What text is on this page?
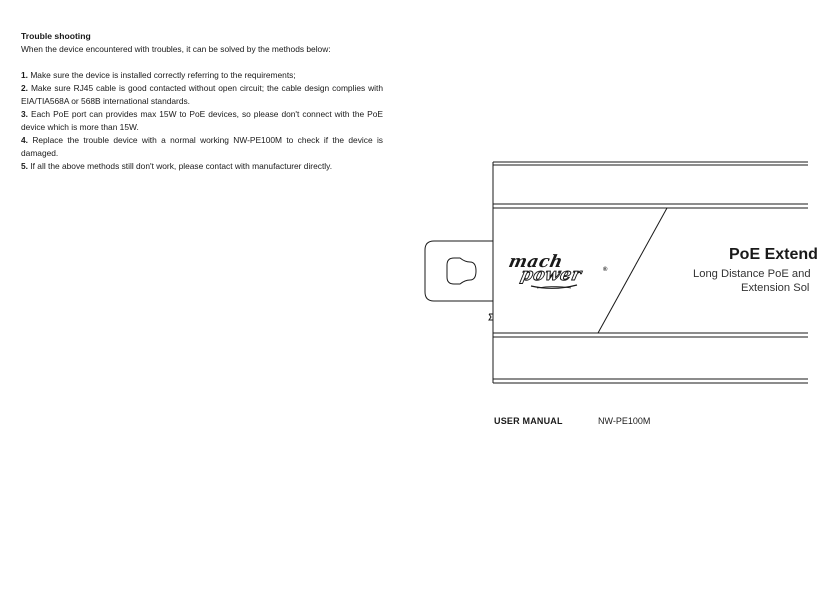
Trouble shooting

When the device encountered with troubles, it can be solved by the methods below:

1. Make sure the device is installed correctly referring to the requirements;
2. Make sure RJ45 cable is good contacted without open circuit; the cable design complies with EIA/TIA568A or 568B international standards.
3. Each PoE port can provides max 15W to PoE devices, so please don't connect with the PoE device which is more than 15W.
4. Replace the trouble device with a normal working NW-PE100M to check if the device is damaged.
5. If all the above methods still don't work, please contact with manufacturer directly.
mach
power	®
PoE Extend
Long Distance PoE and
Extension Sol
USER MANUAL	NW-PE100M
